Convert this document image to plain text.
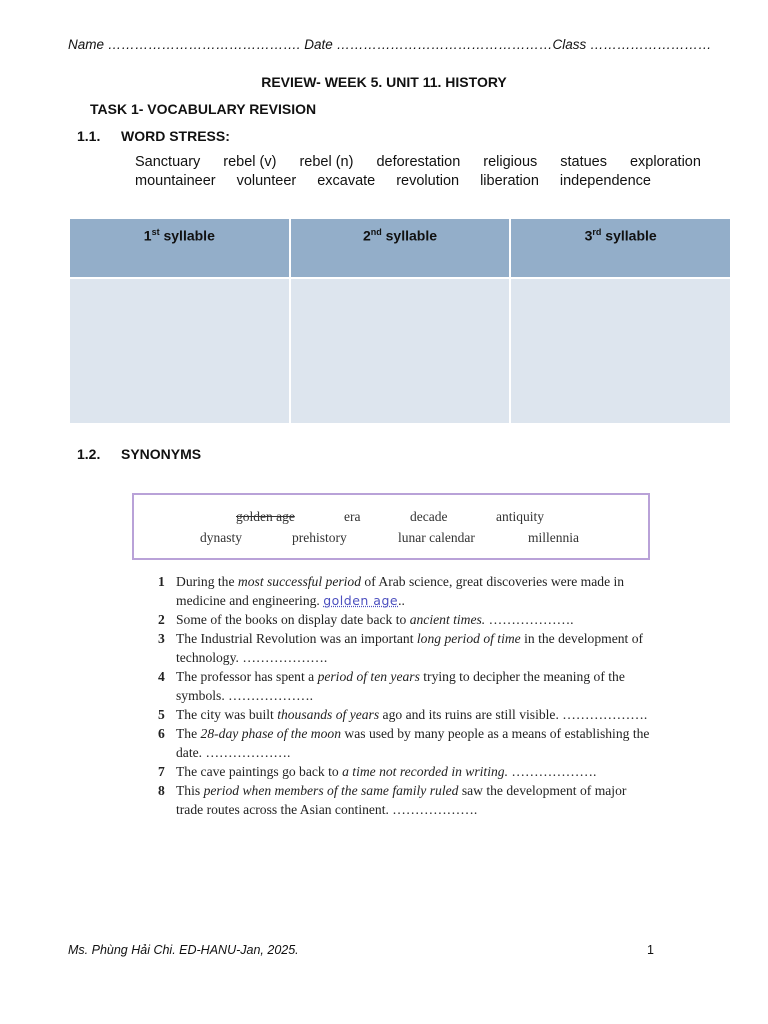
Name ……………………………………. Date …………………………………………Class ………………………
REVIEW- WEEK 5. UNIT 11. HISTORY
TASK 1- VOCABULARY REVISION
1.1. WORD STRESS:
Sanctuary rebel (v) rebel (n) deforestation religious statues exploration
mountaineer volunteer excavate revolution liberation independence
1st syllable	2nd syllable	3rd syllable

1.2. SYNONYMS
golden age	era	decade	antiquity
dynasty	prehistory	lunar calendar	millennia
1 During the most successful period of Arab science, great discoveries were made in medicine and engineering. golden age..
2 Some of the books on display date back to ancient times. ……………….
3 The Industrial Revolution was an important long period of time in the development of technology. ……………….
4 The professor has spent a period of ten years trying to decipher the meaning of the symbols. ……………….
5 The city was built thousands of years ago and its ruins are still visible. ……………….
6 The 28-day phase of the moon was used by many people as a means of establishing the date. ……………….
7 The cave paintings go back to a time not recorded in writing. ……………….
8 This period when members of the same family ruled saw the development of major trade routes across the Asian continent. ……………….
Ms. Phùng Hải Chi. ED-HANU-Jan, 2025.	1
